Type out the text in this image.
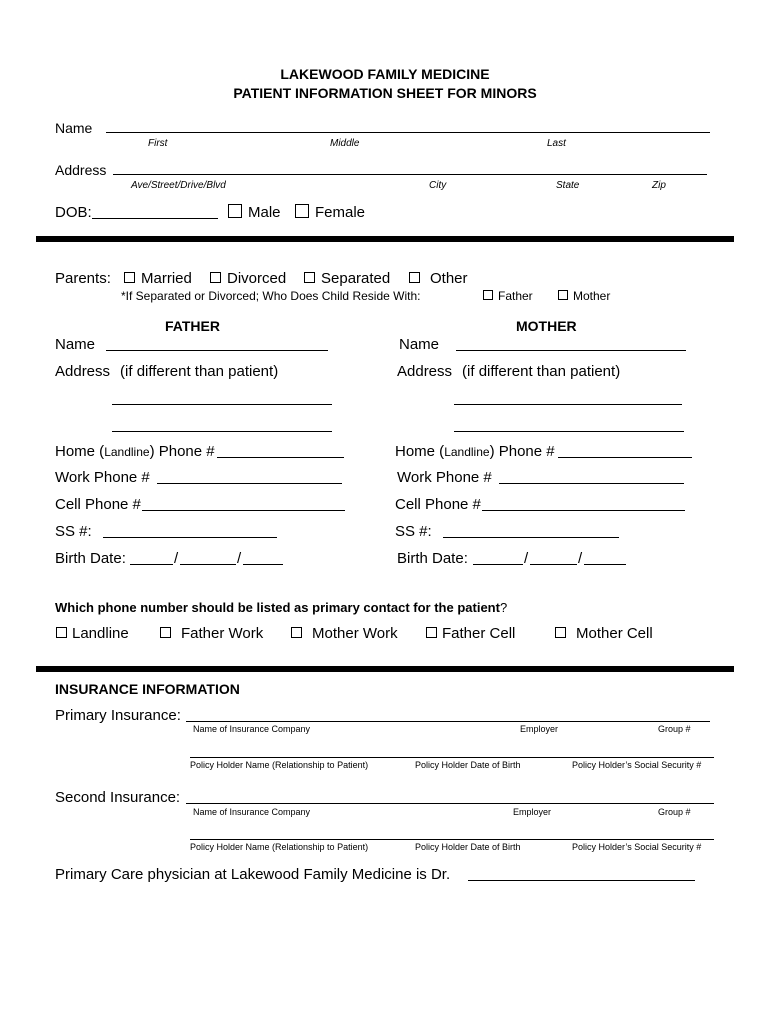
LAKEWOOD FAMILY MEDICINE
PATIENT INFORMATION SHEET FOR MINORS
Name
First	Middle	Last
Address
Ave/Street/Drive/Blvd	City	State	Zip
DOB:	Male Female
Parents: Married Divorced Separated	Other
*If Separated or Divorced; Who Does Child Reside With:	Father	Mother
FATHER
Name
Address (if different than patient)
Home (Landline) Phone #
Work Phone #
Cell Phone #
SS #:
Birth Date:	/	/
MOTHER
Name
Address (if different than patient)
Home (Landline) Phone #
Work Phone #
Cell Phone #
SS #:
Birth Date:	/	/
Which phone number should be listed as primary contact for the patient?
Landline	Father Work	Mother Work	Father Cell	Mother Cell
INSURANCE INFORMATION
Primary Insurance:
Name of Insurance Company	Employer	Group #
Policy Holder Name (Relationship to Patient)	Policy Holder Date of Birth	Policy Holder’s Social Security #
Second Insurance:
Name of Insurance Company	Employer	Group #
Policy Holder Name (Relationship to Patient)	Policy Holder Date of Birth	Policy Holder’s Social Security #
Primary Care physician at Lakewood Family Medicine is Dr.
